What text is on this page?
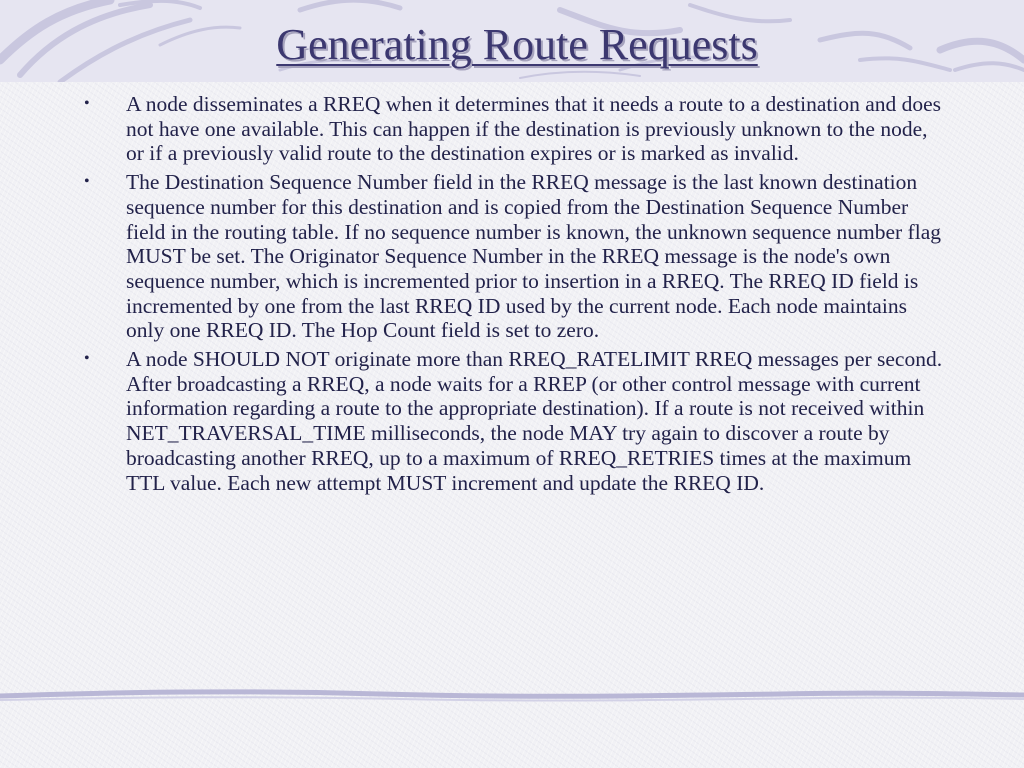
Generating Route Requests
• A node disseminates a RREQ when it determines that it needs a route to a destination and does not have one available. This can happen if the destination is previously unknown to the node, or if a previously valid route to the destination expires or is marked as invalid.
• The Destination Sequence Number field in the RREQ message is the last known destination sequence number for this destination and is copied from the Destination Sequence Number field in the routing table. If no sequence number is known, the unknown sequence number flag MUST be set. The Originator Sequence Number in the RREQ message is the node's own sequence number, which is incremented prior to insertion in a RREQ. The RREQ ID field is incremented by one from the last RREQ ID used by the current node. Each node maintains only one RREQ ID. The Hop Count field is set to zero.
• A node SHOULD NOT originate more than RREQ_RATELIMIT RREQ messages per second. After broadcasting a RREQ, a node waits for a RREP (or other control message with current information regarding a route to the appropriate destination). If a route is not received within NET_TRAVERSAL_TIME milliseconds, the node MAY try again to discover a route by broadcasting another RREQ, up to a maximum of RREQ_RETRIES times at the maximum TTL value. Each new attempt MUST increment and update the RREQ ID.
